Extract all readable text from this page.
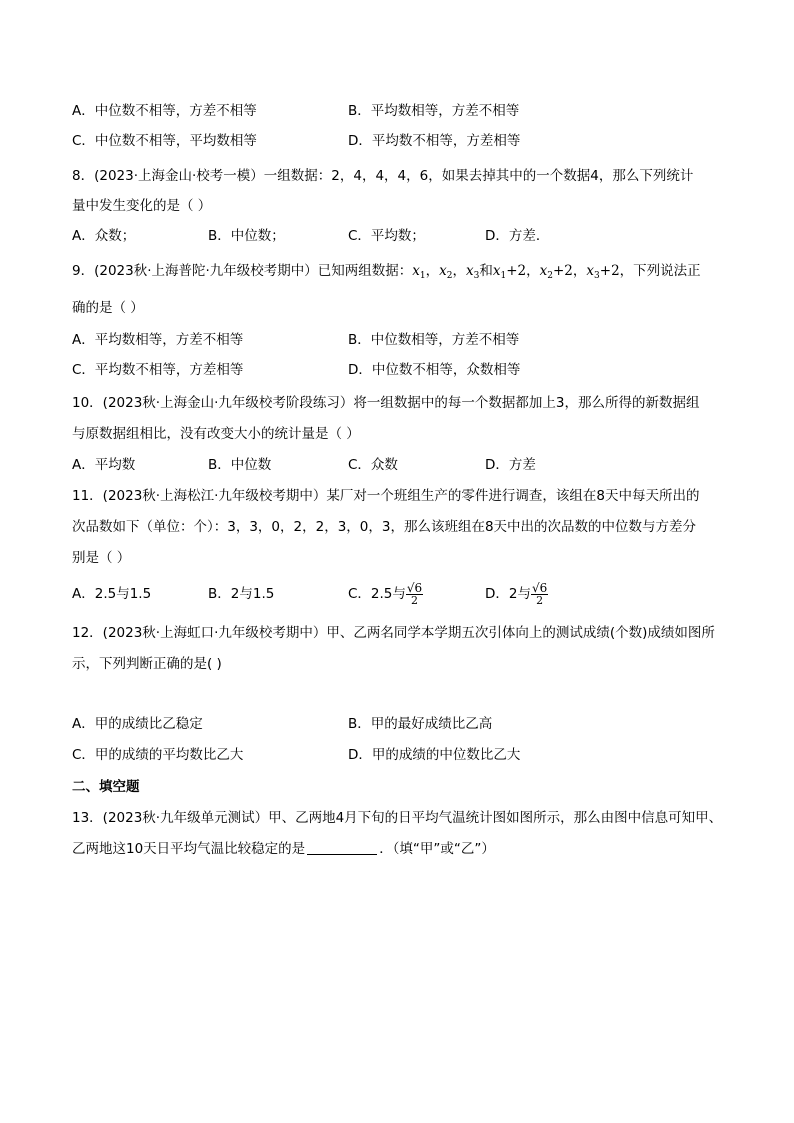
A．中位数不相等，方差不相等	B．平均数相等，方差不相等
C．中位数不相等，平均数相等	D．平均数不相等，方差相等
8．(2023·上海金山·校考一模）一组数据：2，4，4，4，6，如果去掉其中的一个数据4，那么下列统计
量中发生变化的是（ ）
A．众数；	B．中位数；	C．平均数；	D．方差．
9．(2023秋·上海普陀·九年级校考期中）已知两组数据：$x_1$，$x_2$，$x_3$和$x_1+2$，$x_2+2$，$x_3+2$，下列说法正
确的是（ ）
A．平均数相等，方差不相等	B．中位数相等，方差不相等
C．平均数不相等，方差相等	D．中位数不相等，众数相等
10．(2023秋·上海金山·九年级校考阶段练习）将一组数据中的每一个数据都加上3，那么所得的新数据组
与原数据组相比，没有改变大小的统计量是（ ）
A．平均数	B．中位数	C．众数	D．方差
11．(2023秋·上海松江·九年级校考期中）某厂对一个班组生产的零件进行调查，该组在8天中每天所出的
次品数如下（单位：个）：3，3，0，2，2，3，0，3，那么该班组在8天中出的次品数的中位数与方差分
别是（ ）
A．2.5与1.5	B．2与1.5	C．2.5与 $\frac{√6}{2}$	D．2与 $\frac{√6}{2}$
12．(2023秋·上海虹口·九年级校考期中）甲、乙两名同学本学期五次引体向上的测试成绩(个数)成绩如图所
示，下列判断正确的是( )
A．甲的成绩比乙稳定	B．甲的最好成绩比乙高
C．甲的成绩的平均数比乙大	D．甲的成绩的中位数比乙大
二、填空题
13．(2023秋·九年级单元测试）甲、乙两地4月下旬的日平均气温统计图如图所示，那么由图中信息可知甲、
乙两地这10天日平均气温比较稳定的是	．（填“甲”或“乙”）
